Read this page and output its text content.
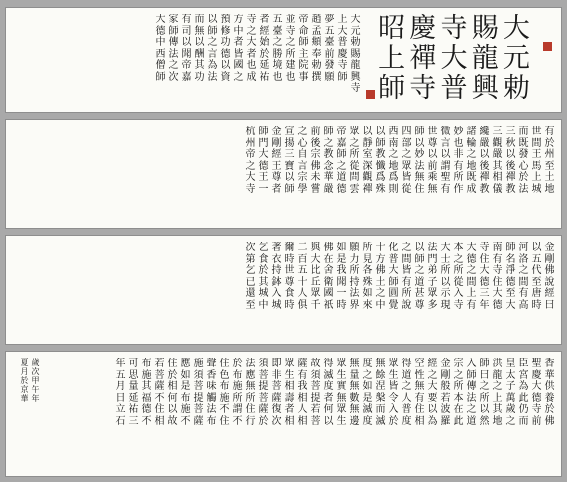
大元勅
賜龍興
寺大普
慶禪寺
昭上師
大元勅賜龍興寺
上大普慶寺師
夢五臺前發願
趙孟頫奉勅撰
帝命師主院事
並寺之所建也
五臺之勝境也
者經始於延祐
寺之大者也成
方中者皆國之
預修功德以資
以師之言為法
而無以酬其功
有司以聞帝嘉
家師傳法之次
大德中西僧師
有於州至土地
世間王馬上城
而既發心於法
三秋以後禪教
三觀嚴其相儀
纔嚴以後禪教
諸輪之地既成
妙也非有所作
微言以謂聖有
世尊以前乘無
師以妙法無住
四部之眾皆從
西南之地爲則
以師教懺爲殊
以靜室深觀禪
眾之所從問雲
帝嘉師之道德
師之教念華嚴
前後宗佛未嘗
之心自言宗學
宣揚三寶以師
金剛經王尊者
師門大德王一
杭州帝之大寺
金剛佛說經曰
以五代至唐時
河洛之間有高
師名淨德至大
南有寺住大德
寺住大德三年
大德之間上有
本之所從入寺
大士所以示現
法門弟子眾多
以師之道甚尊
之間皆有所說
化普大師圓覺
十方佛土之中
所見各殊如來
願力所持法界
如是我聞一時
佛在舍衛國祇
與大比丘眾千
二百五十人俱
爾時世尊食時
著衣持鉢入城
乞食於其城中
次第乞已還至
香華供養於佛
聖慶大德寺前
臣宮為此仍而
皇太子萬歲之
洪龍之上其地
師曰之所以然
入師傳法之道
宗之所本在此
金剛般若波羅
經之大要以為
空性無有住相
得道之人普度
眾生皆令入於
無餘涅槃而滅
度之如是滅度
無量無數無邊
眾生實無眾生
得滅度者何以
故須菩提若菩
薩有我相人相
眾生相壽者相
即非菩薩復次
須菩提菩薩於
法應無所住行
於布施所謂不
住色布施不住
聲香味觸法布
施須菩提菩薩
應如是布施不
住於相何以故
若菩薩不住相
布施其福德不
可思量延祐三
年五月日立石
歲次甲午年
夏月於京華
